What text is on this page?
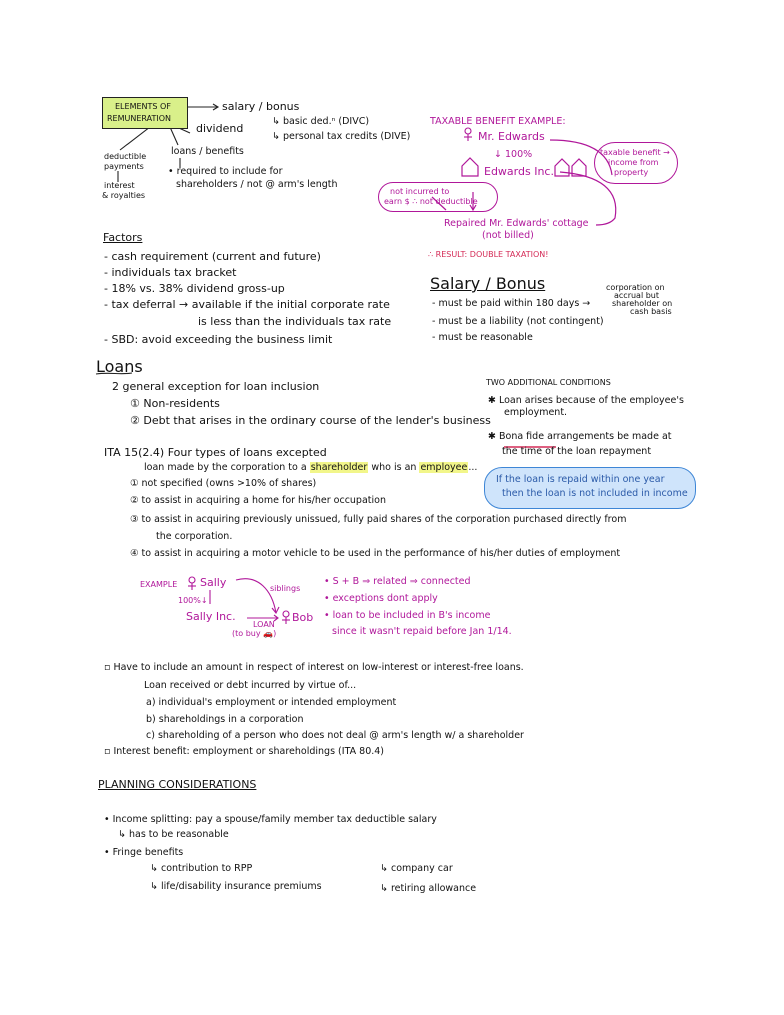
ELEMENTS OF
REMUNERATION
salary / bonus
dividend
↳ basic ded.ⁿ (DIVC)
↳ personal tax credits (DIVE)
deductible
payments
interest
& royalties
loans / benefits
• required to include for
shareholders / not @ arm's length
TAXABLE BENEFIT EXAMPLE:
Mr. Edwards
↓ 100%
Edwards Inc.
taxable benefit →
income from
property
not incurred to
earn $ ∴ not deductible
Repaired Mr. Edwards' cottage
(not billed)
∴ RESULT: DOUBLE TAXATION!
Factors
- cash requirement (current and future)
- individuals tax bracket
- 18% vs. 38% dividend gross-up
- tax deferral → available if the initial corporate rate
is less than the individuals tax rate
- SBD: avoid exceeding the business limit
Salary / Bonus
- must be paid within 180 days →
- must be a liability (not contingent)
- must be reasonable
corporation on
accrual but
shareholder on
cash basis
Loans
2 general exception for loan inclusion
① Non-residents
② Debt that arises in the ordinary course of the lender's business
TWO ADDITIONAL CONDITIONS
✱ Loan arises because of the employee's
employment.
✱ Bona fide arrangements be made at
the time of the loan repayment
If the loan is repaid within one year
then the loan is not included in income
ITA 15(2.4) Four types of loans excepted
loan made by the corporation to a shareholder who is an employee...
① not specified (owns >10% of shares)
② to assist in acquiring a home for his/her occupation
③ to assist in acquiring previously unissued, fully paid shares of the corporation purchased directly from
the corporation.
④ to assist in acquiring a motor vehicle to be used in the performance of his/her duties of employment
EXAMPLE Sally	siblings
100%↓
Sally Inc.
LOAN
Bob
(to buy 🚗)
• S + B ⇒ related ⇒ connected
• exceptions dont apply
• loan to be included in B's income
since it wasn't repaid before Jan 1/14.
▫ Have to include an amount in respect of interest on low-interest or interest-free loans.
Loan received or debt incurred by virtue of...
a) individual's employment or intended employment
b) shareholdings in a corporation
c) shareholding of a person who does not deal @ arm's length w/ a shareholder
▫ Interest benefit: employment or shareholdings (ITA 80.4)
PLANNING CONSIDERATIONS
• Income splitting: pay a spouse/family member tax deductible salary
↳ has to be reasonable
• Fringe benefits
↳ contribution to RPP
↳ life/disability insurance premiums
↳ company car
↳ retiring allowance
